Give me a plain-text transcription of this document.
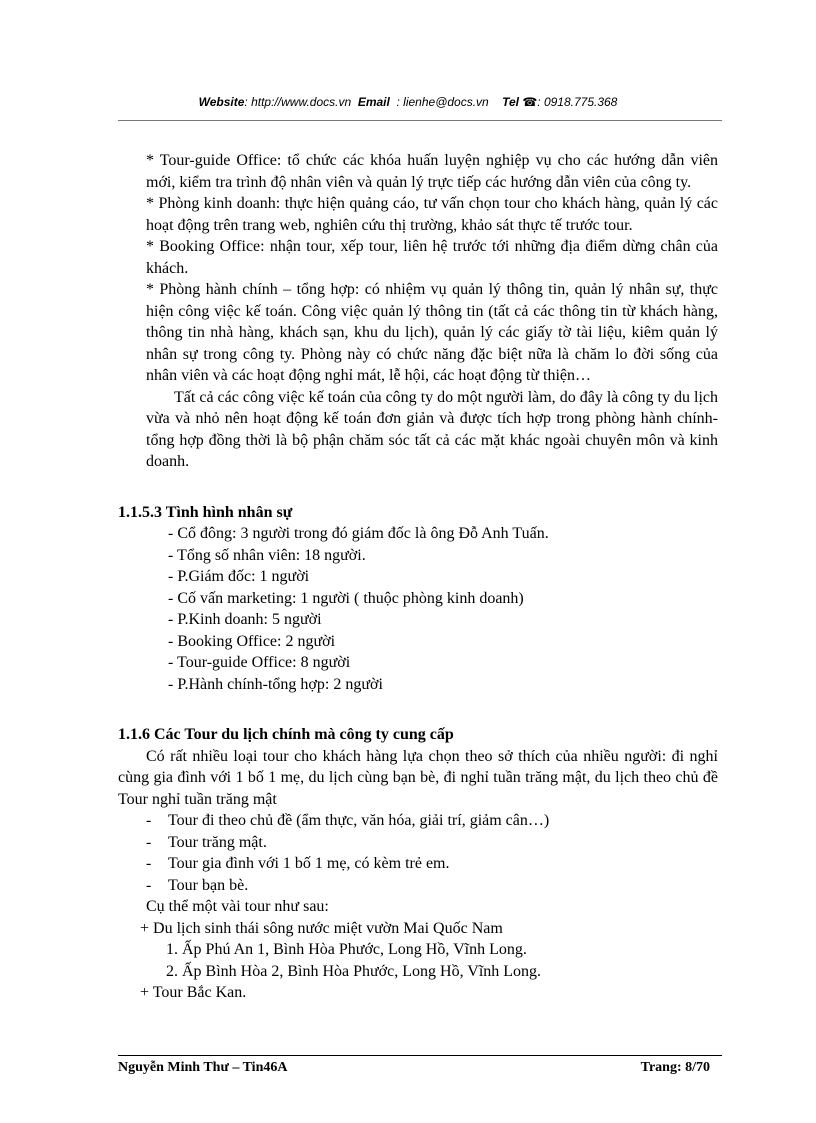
Website: http://www.docs.vn Email : lienhe@docs.vn Tel ☎: 0918.775.368

* Tour-guide Office: tổ chức các khóa huấn luyện nghiệp vụ cho các hướng dẫn viên mới, kiểm tra trình độ nhân viên và quản lý trực tiếp các hướng dẫn viên của công ty.

* Phòng kinh doanh: thực hiện quảng cáo, tư vấn chọn tour cho khách hàng, quản lý các hoạt động trên trang web, nghiên cứu thị trường, khảo sát thực tế trước tour.

* Booking Office: nhận tour, xếp tour, liên hệ trước tới những địa điểm dừng chân của khách.

* Phòng hành chính – tổng hợp: có nhiệm vụ quản lý thông tin, quản lý nhân sự, thực hiện công việc kế toán. Công việc quản lý thông tin (tất cả các thông tin từ khách hàng, thông tin nhà hàng, khách sạn, khu du lịch), quản lý các giấy tờ tài liệu, kiêm quản lý nhân sự trong công ty. Phòng này có chức năng đặc biệt nữa là chăm lo đời sống của nhân viên và các hoạt động nghỉ mát, lễ hội, các hoạt động từ thiện…

Tất cả các công việc kế toán của công ty do một người làm, do đây là công ty du lịch vừa và nhỏ nên hoạt động kế toán đơn giản và được tích hợp trong phòng hành chính-tổng hợp đồng thời là bộ phận chăm sóc tất cả các mặt khác ngoài chuyên môn và kinh doanh.

1.1.5.3 Tình hình nhân sự

- Cổ đông: 3 người trong đó giám đốc là ông Đỗ Anh Tuấn.

- Tổng số nhân viên: 18 người.

- P.Giám đốc: 1 người

- Cố vấn marketing: 1 người ( thuộc phòng kinh doanh)

- P.Kinh doanh: 5 người

- Booking Office: 2 người

- Tour-guide Office: 8 người

- P.Hành chính-tổng hợp: 2 người

1.1.6 Các Tour du lịch chính mà công ty cung cấp

Có rất nhiều loại tour cho khách hàng lựa chọn theo sở thích của nhiều người: đi nghỉ cùng gia đình với 1 bố 1 mẹ, du lịch cùng bạn bè, đi nghỉ tuần trăng mật, du lịch theo chủ đề Tour nghỉ tuần trăng mật

- Tour đi theo chủ đề (ẩm thực, văn hóa, giải trí, giảm cân…)

- Tour trăng mật.

- Tour gia đình với 1 bố 1 mẹ, có kèm trẻ em.

- Tour bạn bè.

Cụ thể một vài tour như sau:

+ Du lịch sinh thái sông nước miệt vườn Mai Quốc Nam

1. Ấp Phú An 1, Bình Hòa Phước, Long Hồ, Vĩnh Long.

2. Ấp Bình Hòa 2, Bình Hòa Phước, Long Hồ, Vĩnh Long.

+ Tour Bắc Kan.

Nguyễn Minh Thư – Tin46A	Trang: 8/70
